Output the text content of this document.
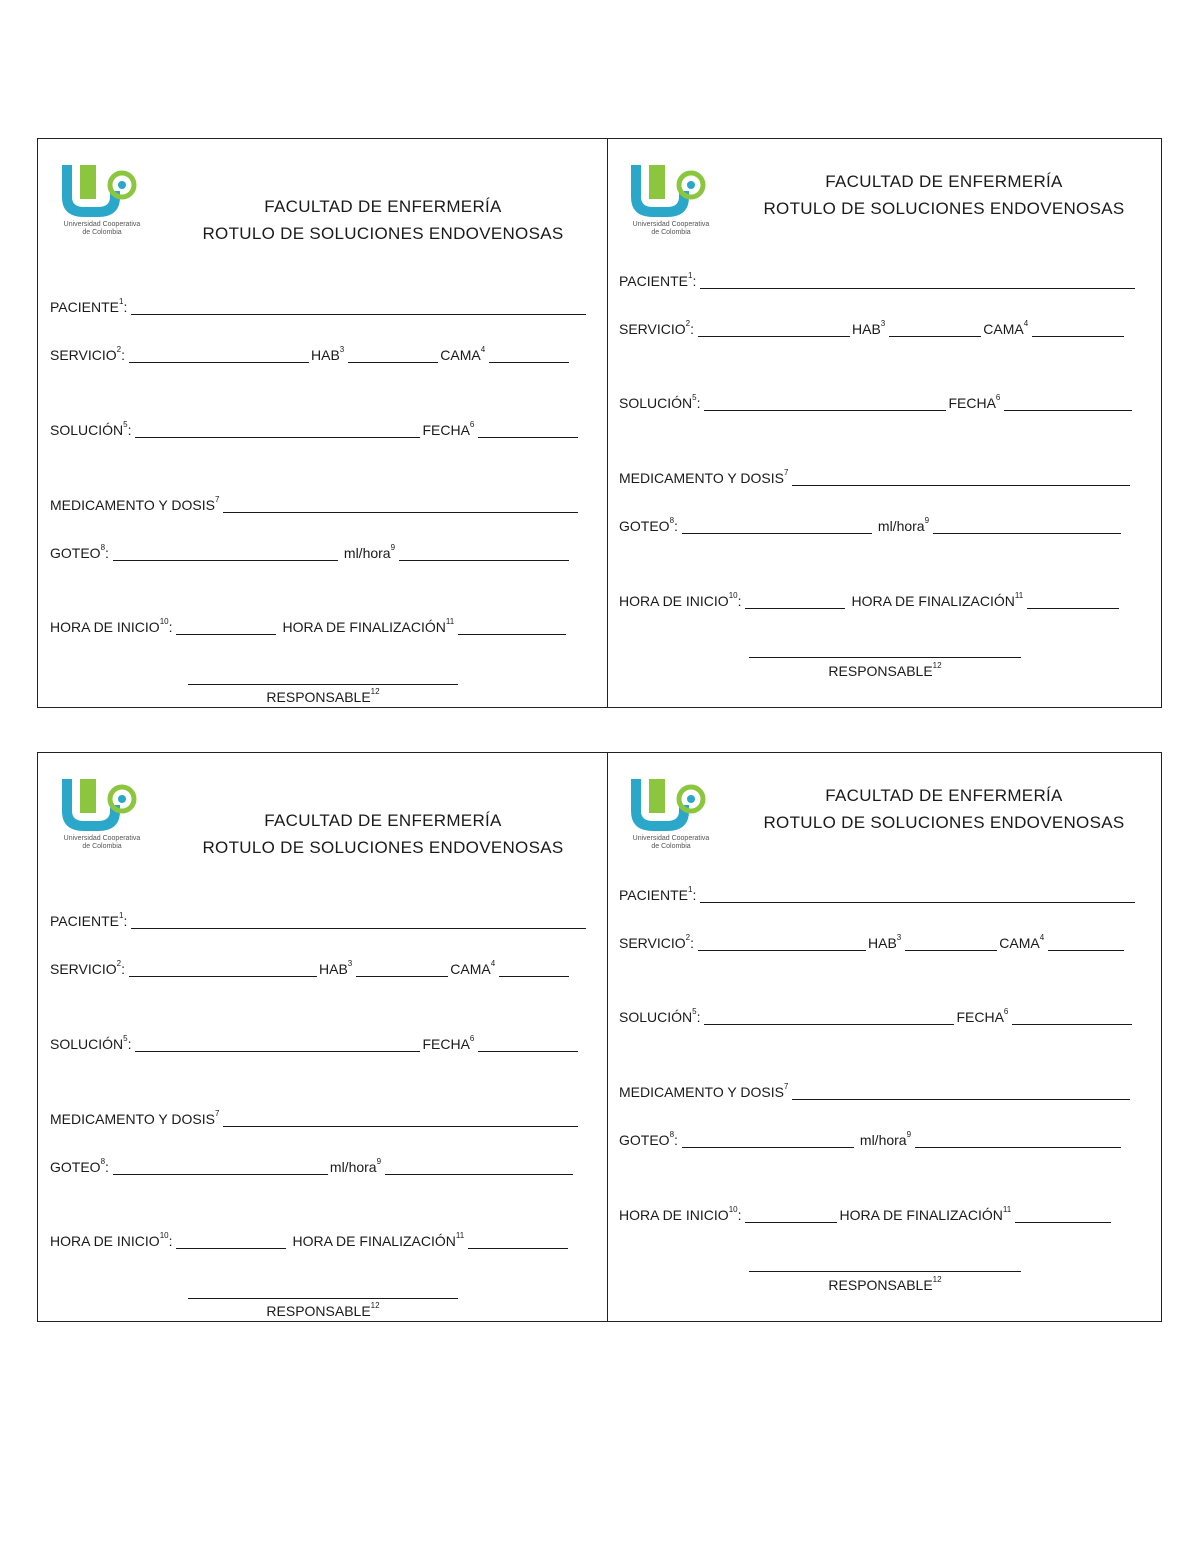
Universidad Cooperativa
de Colombia
FACULTAD DE ENFERMERÍA
ROTULO DE SOLUCIONES ENDOVENOSAS
PACIENTE$^1$:
SERVICIO$^2$:	HAB$^3$	CAMA$^4$
SOLUCIÓN$^5$:	FECHA$^6$
MEDICAMENTO Y DOSIS$^7$
GOTEO$^8$:	ml/hora$^9$
HORA DE INICIO$^{10}$:	HORA DE FINALIZACIÓN$^{11}$
RESPONSABLE$^{12}$
Universidad Cooperativa
de Colombia
FACULTAD DE ENFERMERÍA
ROTULO DE SOLUCIONES ENDOVENOSAS
PACIENTE$^1$:
SERVICIO$^2$:	HAB$^3$	CAMA$^4$
SOLUCIÓN$^5$:	FECHA$^6$
MEDICAMENTO Y DOSIS$^7$
GOTEO$^8$:	ml/hora$^9$
HORA DE INICIO$^{10}$:	HORA DE FINALIZACIÓN$^{11}$
RESPONSABLE$^{12}$
Universidad Cooperativa
de Colombia
FACULTAD DE ENFERMERÍA
ROTULO DE SOLUCIONES ENDOVENOSAS
PACIENTE$^1$:
SERVICIO$^2$:	HAB$^3$	CAMA$^4$
SOLUCIÓN$^5$:	FECHA$^6$
MEDICAMENTO Y DOSIS$^7$
GOTEO$^8$:	ml/hora$^9$
HORA DE INICIO$^{10}$:	HORA DE FINALIZACIÓN$^{11}$
RESPONSABLE$^{12}$
Universidad Cooperativa
de Colombia
FACULTAD DE ENFERMERÍA
ROTULO DE SOLUCIONES ENDOVENOSAS
PACIENTE$^1$:
SERVICIO$^2$:	HAB$^3$	CAMA$^4$
SOLUCIÓN$^5$:	FECHA$^6$
MEDICAMENTO Y DOSIS$^7$
GOTEO$^8$:	ml/hora$^9$
HORA DE INICIO$^{10}$:	HORA DE FINALIZACIÓN$^{11}$
RESPONSABLE$^{12}$
